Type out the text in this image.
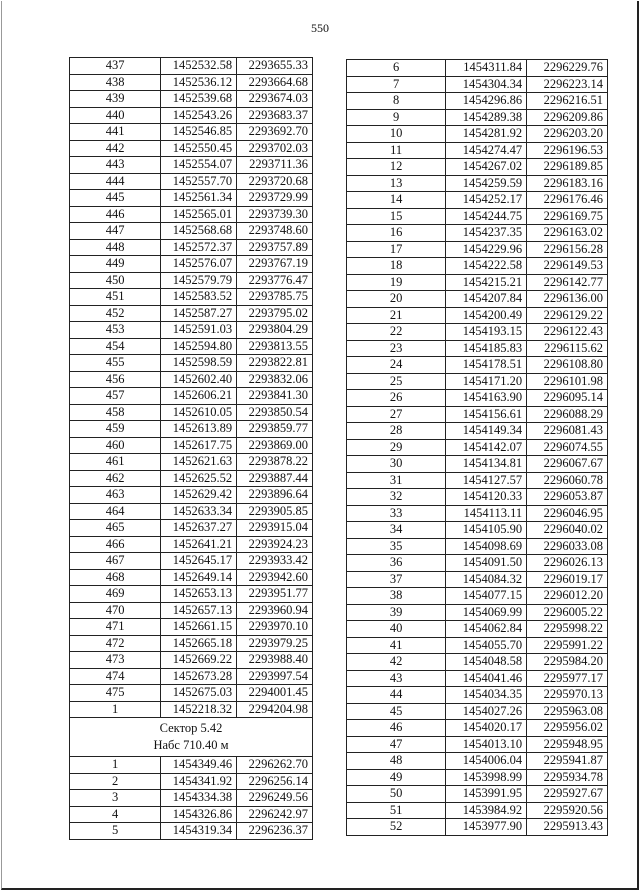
550
437	1452532.58	2293655.33
438	1452536.12	2293664.68
439	1452539.68	2293674.03
440	1452543.26	2293683.37
441	1452546.85	2293692.70
442	1452550.45	2293702.03
443	1452554.07	2293711.36
444	1452557.70	2293720.68
445	1452561.34	2293729.99
446	1452565.01	2293739.30
447	1452568.68	2293748.60
448	1452572.37	2293757.89
449	1452576.07	2293767.19
450	1452579.79	2293776.47
451	1452583.52	2293785.75
452	1452587.27	2293795.02
453	1452591.03	2293804.29
454	1452594.80	2293813.55
455	1452598.59	2293822.81
456	1452602.40	2293832.06
457	1452606.21	2293841.30
458	1452610.05	2293850.54
459	1452613.89	2293859.77
460	1452617.75	2293869.00
461	1452621.63	2293878.22
462	1452625.52	2293887.44
463	1452629.42	2293896.64
464	1452633.34	2293905.85
465	1452637.27	2293915.04
466	1452641.21	2293924.23
467	1452645.17	2293933.42
468	1452649.14	2293942.60
469	1452653.13	2293951.77
470	1452657.13	2293960.94
471	1452661.15	2293970.10
472	1452665.18	2293979.25
473	1452669.22	2293988.40
474	1452673.28	2293997.54
475	1452675.03	2294001.45
1	1452218.32	2294204.98

Сектор 5.42
Набс 710.40 м		

1	1454349.46	2296262.70
2	1454341.92	2296256.14
3	1454334.38	2296249.56
4	1454326.86	2296242.97
5	1454319.34	2296236.37
6	1454311.84	2296229.76
7	1454304.34	2296223.14
8	1454296.86	2296216.51
9	1454289.38	2296209.86
10	1454281.92	2296203.20
11	1454274.47	2296196.53
12	1454267.02	2296189.85
13	1454259.59	2296183.16
14	1454252.17	2296176.46
15	1454244.75	2296169.75
16	1454237.35	2296163.02
17	1454229.96	2296156.28
18	1454222.58	2296149.53
19	1454215.21	2296142.77
20	1454207.84	2296136.00
21	1454200.49	2296129.22
22	1454193.15	2296122.43
23	1454185.83	2296115.62
24	1454178.51	2296108.80
25	1454171.20	2296101.98
26	1454163.90	2296095.14
27	1454156.61	2296088.29
28	1454149.34	2296081.43
29	1454142.07	2296074.55
30	1454134.81	2296067.67
31	1454127.57	2296060.78
32	1454120.33	2296053.87
33	1454113.11	2296046.95
34	1454105.90	2296040.02
35	1454098.69	2296033.08
36	1454091.50	2296026.13
37	1454084.32	2296019.17
38	1454077.15	2296012.20
39	1454069.99	2296005.22
40	1454062.84	2295998.22
41	1454055.70	2295991.22
42	1454048.58	2295984.20
43	1454041.46	2295977.17
44	1454034.35	2295970.13
45	1454027.26	2295963.08
46	1454020.17	2295956.02
47	1454013.10	2295948.95
48	1454006.04	2295941.87
49	1453998.99	2295934.78
50	1453991.95	2295927.67
51	1453984.92	2295920.56
52	1453977.90	2295913.43
